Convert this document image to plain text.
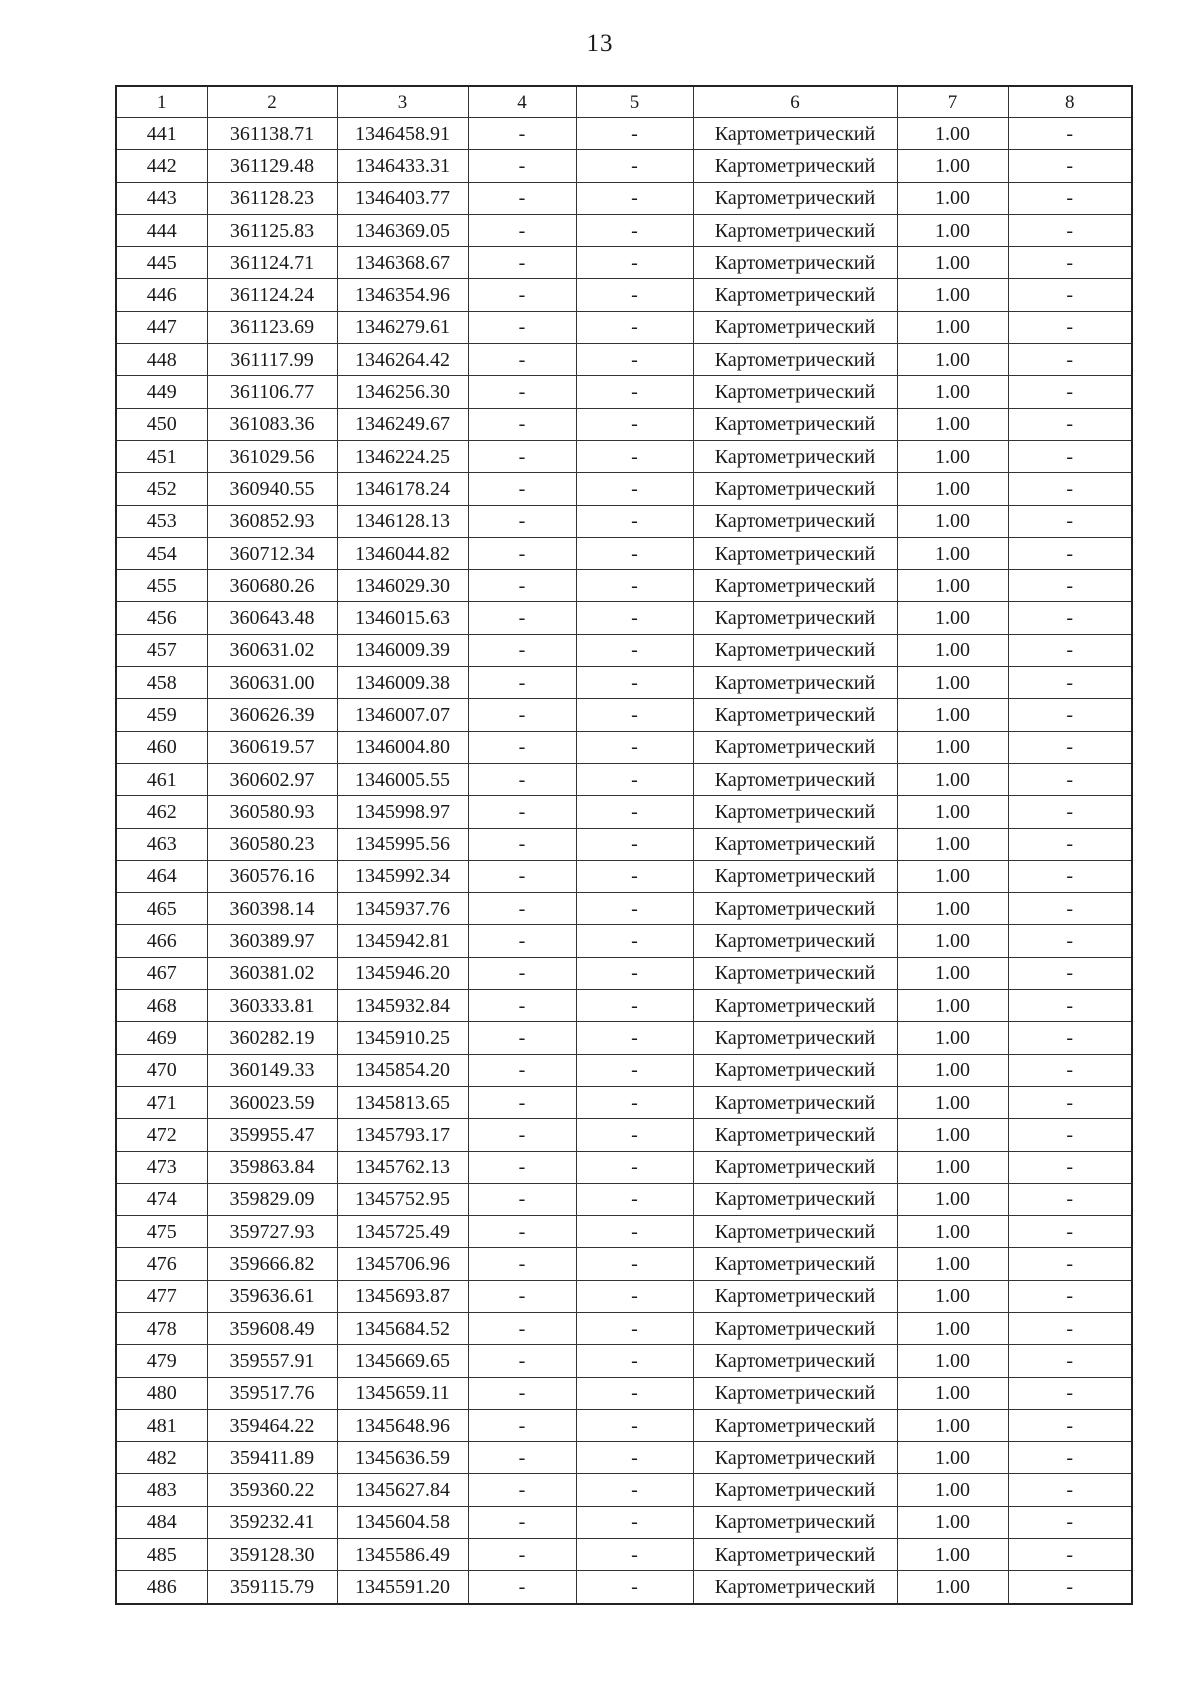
13
1	2	3	4	5	6	7	8
441	361138.71	1346458.91	-	-	Картометрический	1.00	-
442	361129.48	1346433.31	-	-	Картометрический	1.00	-
443	361128.23	1346403.77	-	-	Картометрический	1.00	-
444	361125.83	1346369.05	-	-	Картометрический	1.00	-
445	361124.71	1346368.67	-	-	Картометрический	1.00	-
446	361124.24	1346354.96	-	-	Картометрический	1.00	-
447	361123.69	1346279.61	-	-	Картометрический	1.00	-
448	361117.99	1346264.42	-	-	Картометрический	1.00	-
449	361106.77	1346256.30	-	-	Картометрический	1.00	-
450	361083.36	1346249.67	-	-	Картометрический	1.00	-
451	361029.56	1346224.25	-	-	Картометрический	1.00	-
452	360940.55	1346178.24	-	-	Картометрический	1.00	-
453	360852.93	1346128.13	-	-	Картометрический	1.00	-
454	360712.34	1346044.82	-	-	Картометрический	1.00	-
455	360680.26	1346029.30	-	-	Картометрический	1.00	-
456	360643.48	1346015.63	-	-	Картометрический	1.00	-
457	360631.02	1346009.39	-	-	Картометрический	1.00	-
458	360631.00	1346009.38	-	-	Картометрический	1.00	-
459	360626.39	1346007.07	-	-	Картометрический	1.00	-
460	360619.57	1346004.80	-	-	Картометрический	1.00	-
461	360602.97	1346005.55	-	-	Картометрический	1.00	-
462	360580.93	1345998.97	-	-	Картометрический	1.00	-
463	360580.23	1345995.56	-	-	Картометрический	1.00	-
464	360576.16	1345992.34	-	-	Картометрический	1.00	-
465	360398.14	1345937.76	-	-	Картометрический	1.00	-
466	360389.97	1345942.81	-	-	Картометрический	1.00	-
467	360381.02	1345946.20	-	-	Картометрический	1.00	-
468	360333.81	1345932.84	-	-	Картометрический	1.00	-
469	360282.19	1345910.25	-	-	Картометрический	1.00	-
470	360149.33	1345854.20	-	-	Картометрический	1.00	-
471	360023.59	1345813.65	-	-	Картометрический	1.00	-
472	359955.47	1345793.17	-	-	Картометрический	1.00	-
473	359863.84	1345762.13	-	-	Картометрический	1.00	-
474	359829.09	1345752.95	-	-	Картометрический	1.00	-
475	359727.93	1345725.49	-	-	Картометрический	1.00	-
476	359666.82	1345706.96	-	-	Картометрический	1.00	-
477	359636.61	1345693.87	-	-	Картометрический	1.00	-
478	359608.49	1345684.52	-	-	Картометрический	1.00	-
479	359557.91	1345669.65	-	-	Картометрический	1.00	-
480	359517.76	1345659.11	-	-	Картометрический	1.00	-
481	359464.22	1345648.96	-	-	Картометрический	1.00	-
482	359411.89	1345636.59	-	-	Картометрический	1.00	-
483	359360.22	1345627.84	-	-	Картометрический	1.00	-
484	359232.41	1345604.58	-	-	Картометрический	1.00	-
485	359128.30	1345586.49	-	-	Картометрический	1.00	-
486	359115.79	1345591.20	-	-	Картометрический	1.00	-
